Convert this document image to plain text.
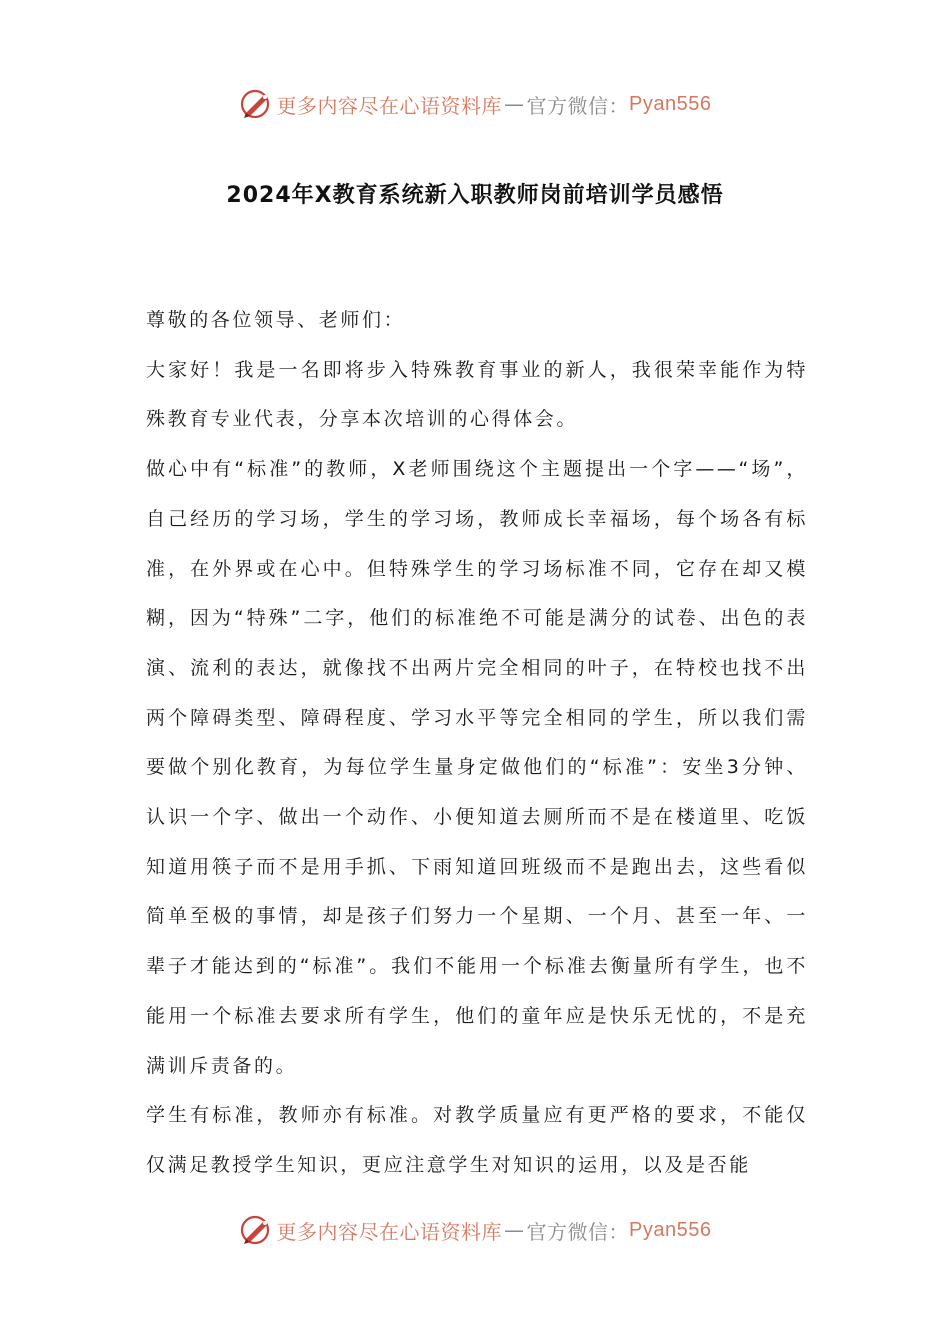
更多内容尽在心语资料库 — 官方微信： Pyan556
2024年X教育系统新入职教师岗前培训学员感悟

尊敬的各位领导、老师们：

大家好！我是一名即将步入特殊教育事业的新人，我很荣幸能作为特殊教育专业代表，分享本次培训的心得体会。

做心中有“标准”的教师，X老师围绕这个主题提出一个字——“场”，自己经历的学习场，学生的学习场，教师成长幸福场，每个场各有标准，在外界或在心中。但特殊学生的学习场标准不同，它存在却又模糊，因为“特殊”二字，他们的标准绝不可能是满分的试卷、出色的表演、流利的表达，就像找不出两片完全相同的叶子，在特校也找不出两个障碍类型、障碍程度、学习水平等完全相同的学生，所以我们需要做个别化教育，为每位学生量身定做他们的“标准”：安坐3分钟、认识一个字、做出一个动作、小便知道去厕所而不是在楼道里、吃饭知道用筷子而不是用手抓、下雨知道回班级而不是跑出去，这些看似简单至极的事情，却是孩子们努力一个星期、一个月、甚至一年、一辈子才能达到的“标准”。我们不能用一个标准去衡量所有学生，也不能用一个标准去要求所有学生，他们的童年应是快乐无忧的，不是充满训斥责备的。

学生有标准，教师亦有标准。对教学质量应有更严格的要求，不能仅仅满足教授学生知识，更应注意学生对知识的运用，以及是否能

更多内容尽在心语资料库 — 官方微信： Pyan556
